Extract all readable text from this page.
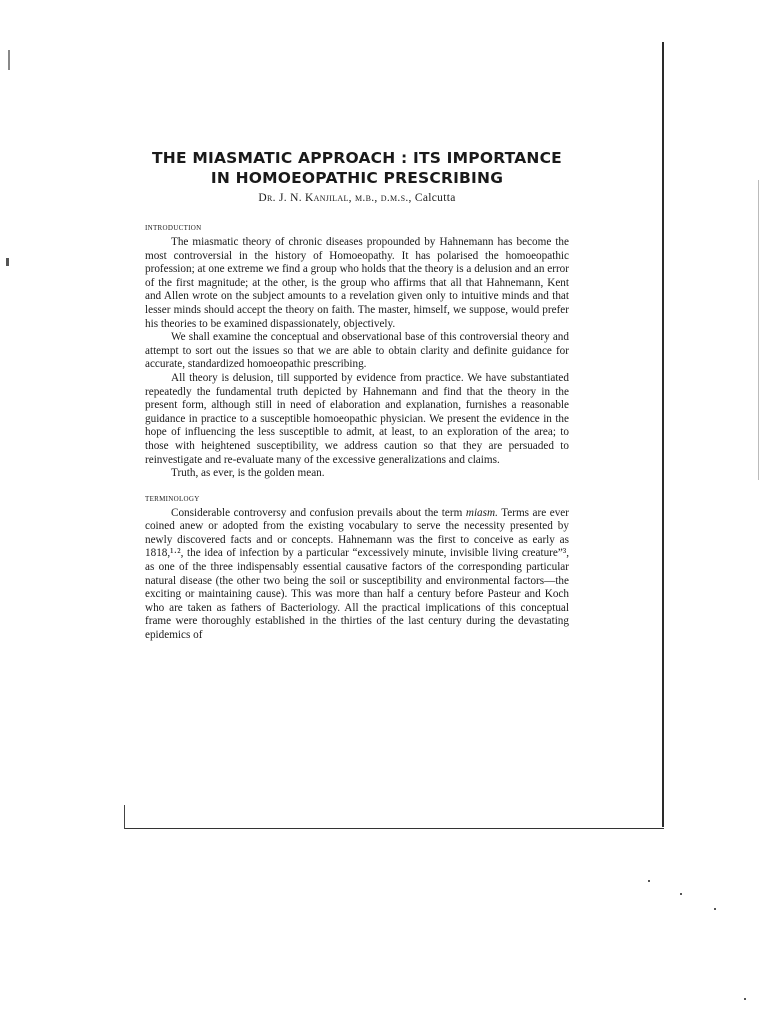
THE MIASMATIC APPROACH : ITS IMPORTANCE
IN HOMOEOPATHIC PRESCRIBING

Dr. J. N. Kanjilal, m.b., d.m.s., Calcutta

introduction

The miasmatic theory of chronic diseases propounded by Hahnemann has become the most controversial in the history of Homoeopathy. It has polarised the homoeopathic profession; at one extreme we find a group who holds that the theory is a delusion and an error of the first magnitude; at the other, is the group who affirms that all that Hahnemann, Kent and Allen wrote on the subject amounts to a revelation given only to intuitive minds and that lesser minds should accept the theory on faith. The master, himself, we suppose, would prefer his theories to be examined dispassionately, objectively.

We shall examine the conceptual and observational base of this controversial theory and attempt to sort out the issues so that we are able to obtain clarity and definite guidance for accurate, standardized homoeopathic prescribing.

All theory is delusion, till supported by evidence from practice. We have substantiated repeatedly the fundamental truth depicted by Hahnemann and find that the theory in the present form, although still in need of elaboration and explanation, furnishes a reasonable guidance in practice to a susceptible homoeopathic physician. We present the evidence in the hope of influencing the less susceptible to admit, at least, to an exploration of the area; to those with heightened susceptibility, we address caution so that they are persuaded to reinvestigate and re-evaluate many of the excessive generalizations and claims.

Truth, as ever, is the golden mean.

terminology

Considerable controversy and confusion prevails about the term miasm. Terms are ever coined anew or adopted from the existing vocabulary to serve the necessity presented by newly discovered facts and or concepts. Hahnemann was the first to conceive as early as 1818,¹·², the idea of infection by a particular “excessively minute, invisible living creature”³, as one of the three indispensably essential causative factors of the corresponding particular natural disease (the other two being the soil or susceptibility and environmental factors—the exciting or maintaining cause). This was more than half a century before Pasteur and Koch who are taken as fathers of Bacteriology. All the practical implications of this conceptual frame were thoroughly established in the thirties of the last century during the devastating epidemics of
